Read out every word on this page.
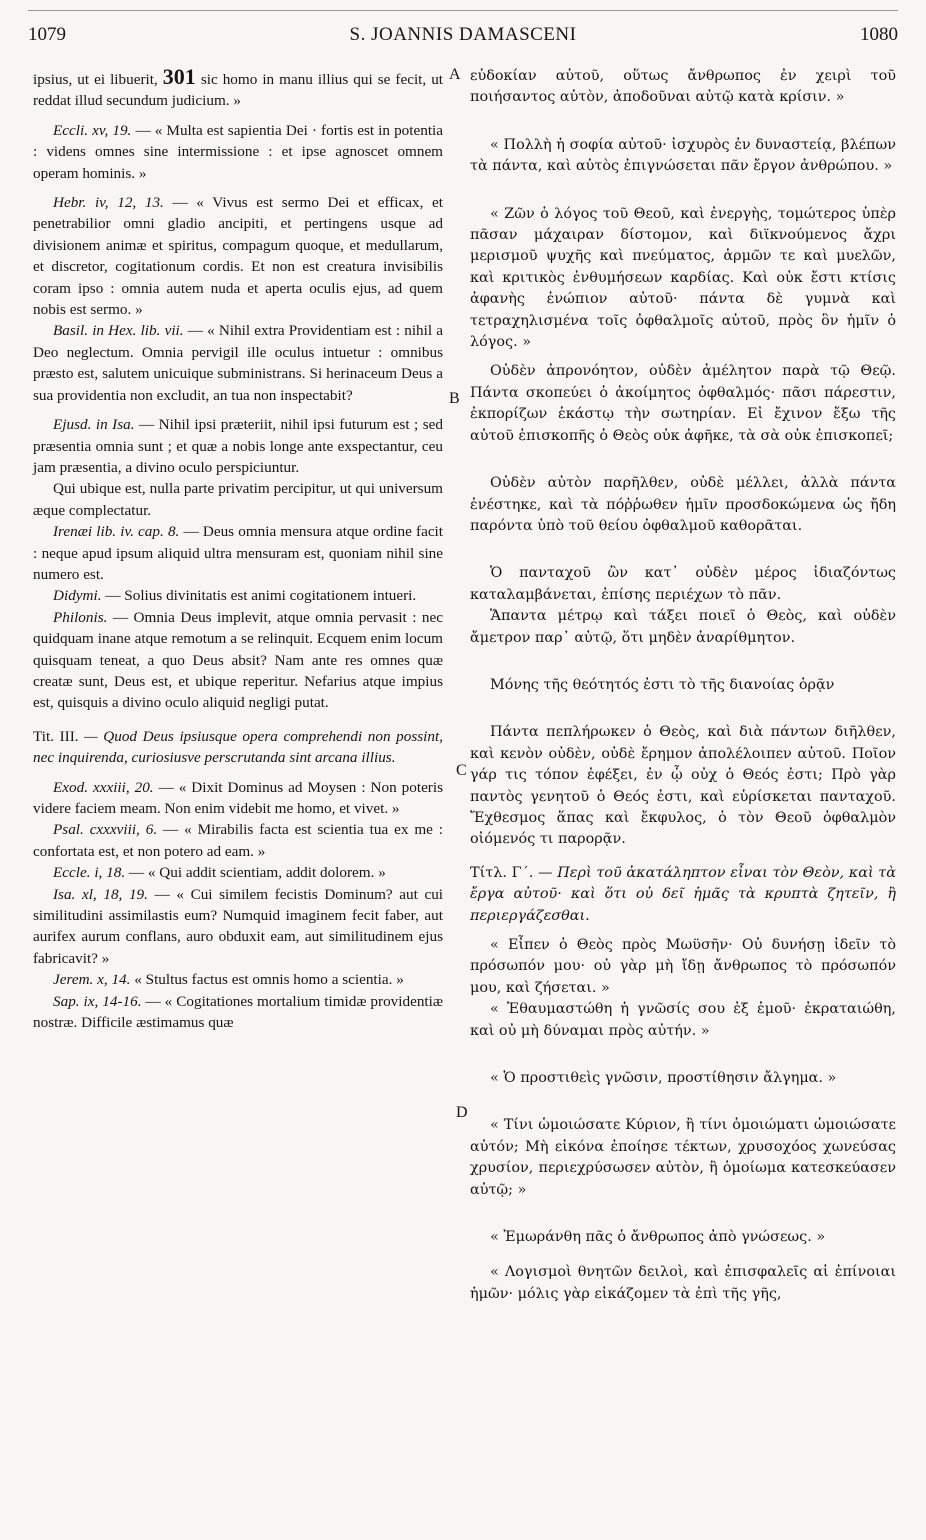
1079	S. JOANNIS DAMASCENI	1080
A
B
C
D

ipsius, ut ei libuerit, 301 sic homo in manu illius qui se fecit, ut reddat illud secundum judicium. »

Eccli. xv, 19. — « Multa est sapientia Dei · fortis est in potentia : videns omnes sine intermissione : et ipse agnoscet omnem operam hominis. »

Hebr. iv, 12, 13. — « Vivus est sermo Dei et efficax, et penetrabilior omni gladio ancipiti, et pertingens usque ad divisionem animæ et spiritus, compagum quoque, et medullarum, et discretor, cogitationum cordis. Et non est creatura invisibilis coram ipso : omnia autem nuda et aperta oculis ejus, ad quem nobis est sermo. »

Basil. in Hex. lib. vii. — « Nihil extra Providentiam est : nihil a Deo neglectum. Omnia pervigil ille oculus intuetur : omnibus præsto est, salutem unicuique subministrans. Si herinaceum Deus a sua providentia non excludit, an tua non inspectabit?

Ejusd. in Isa. — Nihil ipsi præteriit, nihil ipsi futurum est ; sed præsentia omnia sunt ; et quæ a nobis longe ante exspectantur, ceu jam præsentia, a divino oculo perspiciuntur.

Qui ubique est, nulla parte privatim percipitur, ut qui universum æque complectatur.

Irenæi lib. iv. cap. 8. — Deus omnia mensura atque ordine facit : neque apud ipsum aliquid ultra mensuram est, quoniam nihil sine numero est.

Didymi. — Solius divinitatis est animi cogitationem intueri.

Philonis. — Omnia Deus implevit, atque omnia pervasit : nec quidquam inane atque remotum a se relinquit. Ecquem enim locum quisquam teneat, a quo Deus absit? Nam ante res omnes quæ creatæ sunt, Deus est, et ubique reperitur. Nefarius atque impius est, quisquis a divino oculo aliquid negligi putat.

Tit. III. — Quod Deus ipsiusque opera comprehendi non possint, nec inquirenda, curiosiusve perscrutanda sint arcana illius.

Exod. xxxiii, 20. — « Dixit Dominus ad Moysen : Non poteris videre faciem meam. Non enim videbit me homo, et vivet. »

Psal. cxxxviii, 6. — « Mirabilis facta est scientia tua ex me : confortata est, et non potero ad eam. »

Eccle. i, 18. — « Qui addit scientiam, addit dolorem. »

Isa. xl, 18, 19. — « Cui similem fecistis Dominum? aut cui similitudini assimilastis eum? Numquid imaginem fecit faber, aut aurifex aurum conflans, auro obduxit eam, aut similitudinem ejus fabricavit? »

Jerem. x, 14. « Stultus factus est omnis homo a scientia. »

Sap. ix, 14-16. — « Cogitationes mortalium timidæ providentiæ nostræ. Difficile æstimamus quæ

εὐδοκίαν αὐτοῦ, οὕτως ἄνθρωπος ἐν χειρὶ τοῦ ποιήσαντος αὐτὸν, ἀποδοῦναι αὐτῷ κατὰ κρίσιν. »

« Πολλὴ ἡ σοφία αὐτοῦ· ἰσχυρὸς ἐν δυναστείᾳ, βλέπων τὰ πάντα, καὶ αὐτὸς ἐπιγνώσεται πᾶν ἔργον ἀνθρώπου. »

« Ζῶν ὁ λόγος τοῦ Θεοῦ, καὶ ἐνεργὴς, τομώτερος ὑπὲρ πᾶσαν μάχαιραν δίστομον, καὶ διϊκνούμενος ἄχρι μερισμοῦ ψυχῆς καὶ πνεύματος, ἁρμῶν τε καὶ μυελῶν, καὶ κριτικὸς ἐνθυμήσεων καρδίας. Καὶ οὐκ ἔστι κτίσις ἀφανὴς ἐνώπιον αὐτοῦ· πάντα δὲ γυμνὰ καὶ τετραχηλισμένα τοῖς ὀφθαλμοῖς αὐτοῦ, πρὸς ὃν ἡμῖν ὁ λόγος. »

Οὐδὲν ἀπρονόητον, οὐδὲν ἀμέλητον παρὰ τῷ Θεῷ. Πάντα σκοπεύει ὁ ἀκοίμητος ὀφθαλμός· πᾶσι πάρεστιν, ἐκπορίζων ἑκάστῳ τὴν σωτηρίαν. Εἰ ἔχινον ἔξω τῆς αὐτοῦ ἐπισκοπῆς ὁ Θεὸς οὐκ ἀφῆκε, τὰ σὰ οὐκ ἐπισκοπεῖ;

Οὐδὲν αὐτὸν παρῆλθεν, οὐδὲ μέλλει, ἀλλὰ πάντα ἐνέστηκε, καὶ τὰ πόῤῥωθεν ἡμῖν προσδοκώμενα ὡς ἤδη παρόντα ὑπὸ τοῦ θείου ὀφθαλμοῦ καθορᾶται.

Ὁ πανταχοῦ ὢν κατ᾽ οὐδὲν μέρος ἰδιαζόντως καταλαμβάνεται, ἐπίσης περιέχων τὸ πᾶν.

Ἅπαντα μέτρῳ καὶ τάξει ποιεῖ ὁ Θεὸς, καὶ οὐδὲν ἄμετρον παρ᾽ αὐτῷ, ὅτι μηδὲν ἀναρίθμητον.

Μόνης τῆς θεότητός ἐστι τὸ τῆς διανοίας ὁρᾷν

Πάντα πεπλήρωκεν ὁ Θεὸς, καὶ διὰ πάντων διῆλθεν, καὶ κενὸν οὐδὲν, οὐδὲ ἔρημον ἀπολέλοιπεν αὐτοῦ. Ποῖον γάρ τις τόπον ἐφέξει, ἐν ᾧ οὐχ ὁ Θεός ἐστι; Πρὸ γὰρ παντὸς γενητοῦ ὁ Θεός ἐστι, καὶ εὑρίσκεται πανταχοῦ. Ἔχθεσμος ἅπας καὶ ἔκφυλος, ὁ τὸν Θεοῦ ὀφθαλμὸν οἰόμενός τι παρορᾷν.

Τίτλ. Γ΄. — Περὶ τοῦ ἀκατάληπτον εἶναι τὸν Θεὸν, καὶ τὰ ἔργα αὐτοῦ· καὶ ὅτι οὐ δεῖ ἡμᾶς τὰ κρυπτὰ ζητεῖν, ἢ περιεργάζεσθαι.

« Εἶπεν ὁ Θεὸς πρὸς Μωϋσῆν· Οὐ δυνήσῃ ἰδεῖν τὸ πρόσωπόν μου· οὐ γὰρ μὴ ἴδῃ ἄνθρωπος τὸ πρόσωπόν μου, καὶ ζήσεται. »

« Ἐθαυμαστώθη ἡ γνῶσίς σου ἐξ ἐμοῦ· ἐκραταιώθη, καὶ οὐ μὴ δύναμαι πρὸς αὐτήν. »

« Ὁ προστιθεὶς γνῶσιν, προστίθησιν ἄλγημα. »

« Τίνι ὡμοιώσατε Κύριον, ἢ τίνι ὁμοιώματι ὡμοιώσατε αὐτόν; Μὴ εἰκόνα ἐποίησε τέκτων, χρυσοχόος χωνεύσας χρυσίον, περιεχρύσωσεν αὐτὸν, ἢ ὁμοίωμα κατεσκεύασεν αὐτῷ; »

« Ἐμωράνθη πᾶς ὁ ἄνθρωπος ἀπὸ γνώσεως. »

« Λογισμοὶ θνητῶν δειλοὶ, καὶ ἐπισφαλεῖς αἱ ἐπίνοιαι ἡμῶν· μόλις γὰρ εἰκάζομεν τὰ ἐπὶ τῆς γῆς,
